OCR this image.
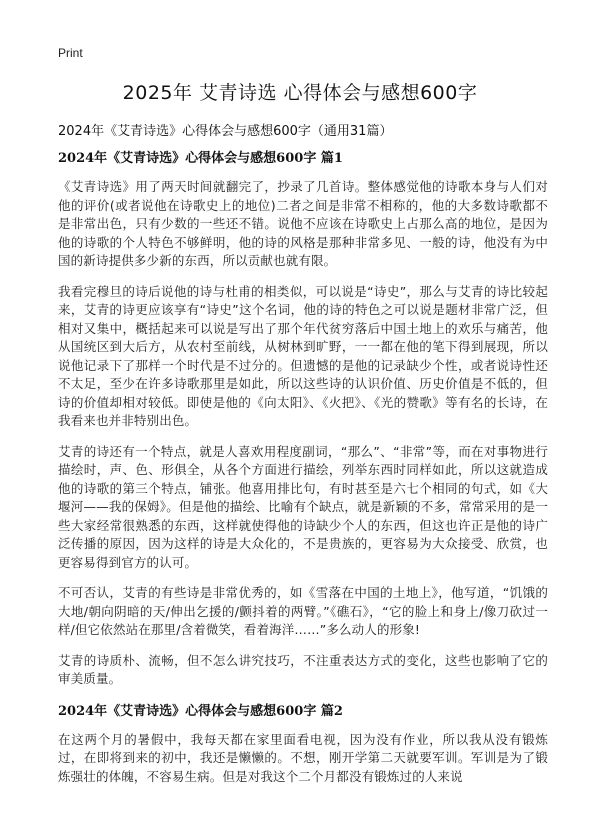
Print
2025年 艾青诗选 心得体会与感想600字
2024年《艾青诗选》心得体会与感想600字（通用31篇）
2024年《艾青诗选》心得体会与感想600字 篇1

《艾青诗选》用了两天时间就翻完了，抄录了几首诗。整体感觉他的诗歌本身与人们对他的评价(或者说他在诗歌史上的地位)二者之间是非常不相称的，他的大多数诗歌都不是非常出色，只有少数的一些还不错。说他不应该在诗歌史上占那么高的地位，是因为他的诗歌的个人特色不够鲜明，他的诗的风格是那种非常多见、一般的诗，他没有为中国的新诗提供多少新的东西，所以贡献也就有限。

我看完穆旦的诗后说他的诗与杜甫的相类似，可以说是“诗史”，那么与艾青的诗比较起来，艾青的诗更应该享有“诗史”这个名词，他的诗的特色之可以说是题材非常广泛，但相对又集中，概括起来可以说是写出了那个年代贫穷落后中国土地上的欢乐与痛苦，他从国统区到大后方，从农村至前线，从树林到旷野，一一都在他的笔下得到展现，所以说他记录下了那样一个时代是不过分的。但遗憾的是他的记录缺少个性，或者说诗性还不太足，至少在许多诗歌那里是如此，所以这些诗的认识价值、历史价值是不低的，但诗的价值却相对较低。即使是他的《向太阳》、《火把》、《光的赞歌》等有名的长诗，在我看来也并非特别出色。

艾青的诗还有一个特点，就是人喜欢用程度副词，“那么”、“非常”等，而在对事物进行描绘时，声、色、形俱全，从各个方面进行描绘，列举东西时同样如此，所以这就造成他的诗歌的第三个特点，铺张。他喜用排比句，有时甚至是六七个相同的句式，如《大堰河——我的保姆》。但是他的描绘、比喻有个缺点，就是新颖的不多，常常采用的是一些大家经常很熟悉的东西，这样就使得他的诗缺少个人的东西，但这也许正是他的诗广泛传播的原因，因为这样的诗是大众化的，不是贵族的，更容易为大众接受、欣赏，也更容易得到官方的认可。

不可否认，艾青的有些诗是非常优秀的，如《雪落在中国的土地上》，他写道，“饥饿的大地/朝向阴暗的天/伸出乞援的/颤抖着的两臂。”《礁石》，“它的脸上和身上/像刀砍过一样/但它依然站在那里/含着微笑，看着海洋……”多么动人的形象!

艾青的诗质朴、流畅，但不怎么讲究技巧，不注重表达方式的变化，这些也影响了它的审美质量。

2024年《艾青诗选》心得体会与感想600字 篇2

在这两个月的暑假中，我每天都在家里面看电视，因为没有作业，所以我从没有锻炼过，在即将到来的初中，我还是懒懒的。不想，刚开学第二天就要军训。军训是为了锻炼强壮的体魄，不容易生病。但是对我这个二个月都没有锻炼过的人来说
